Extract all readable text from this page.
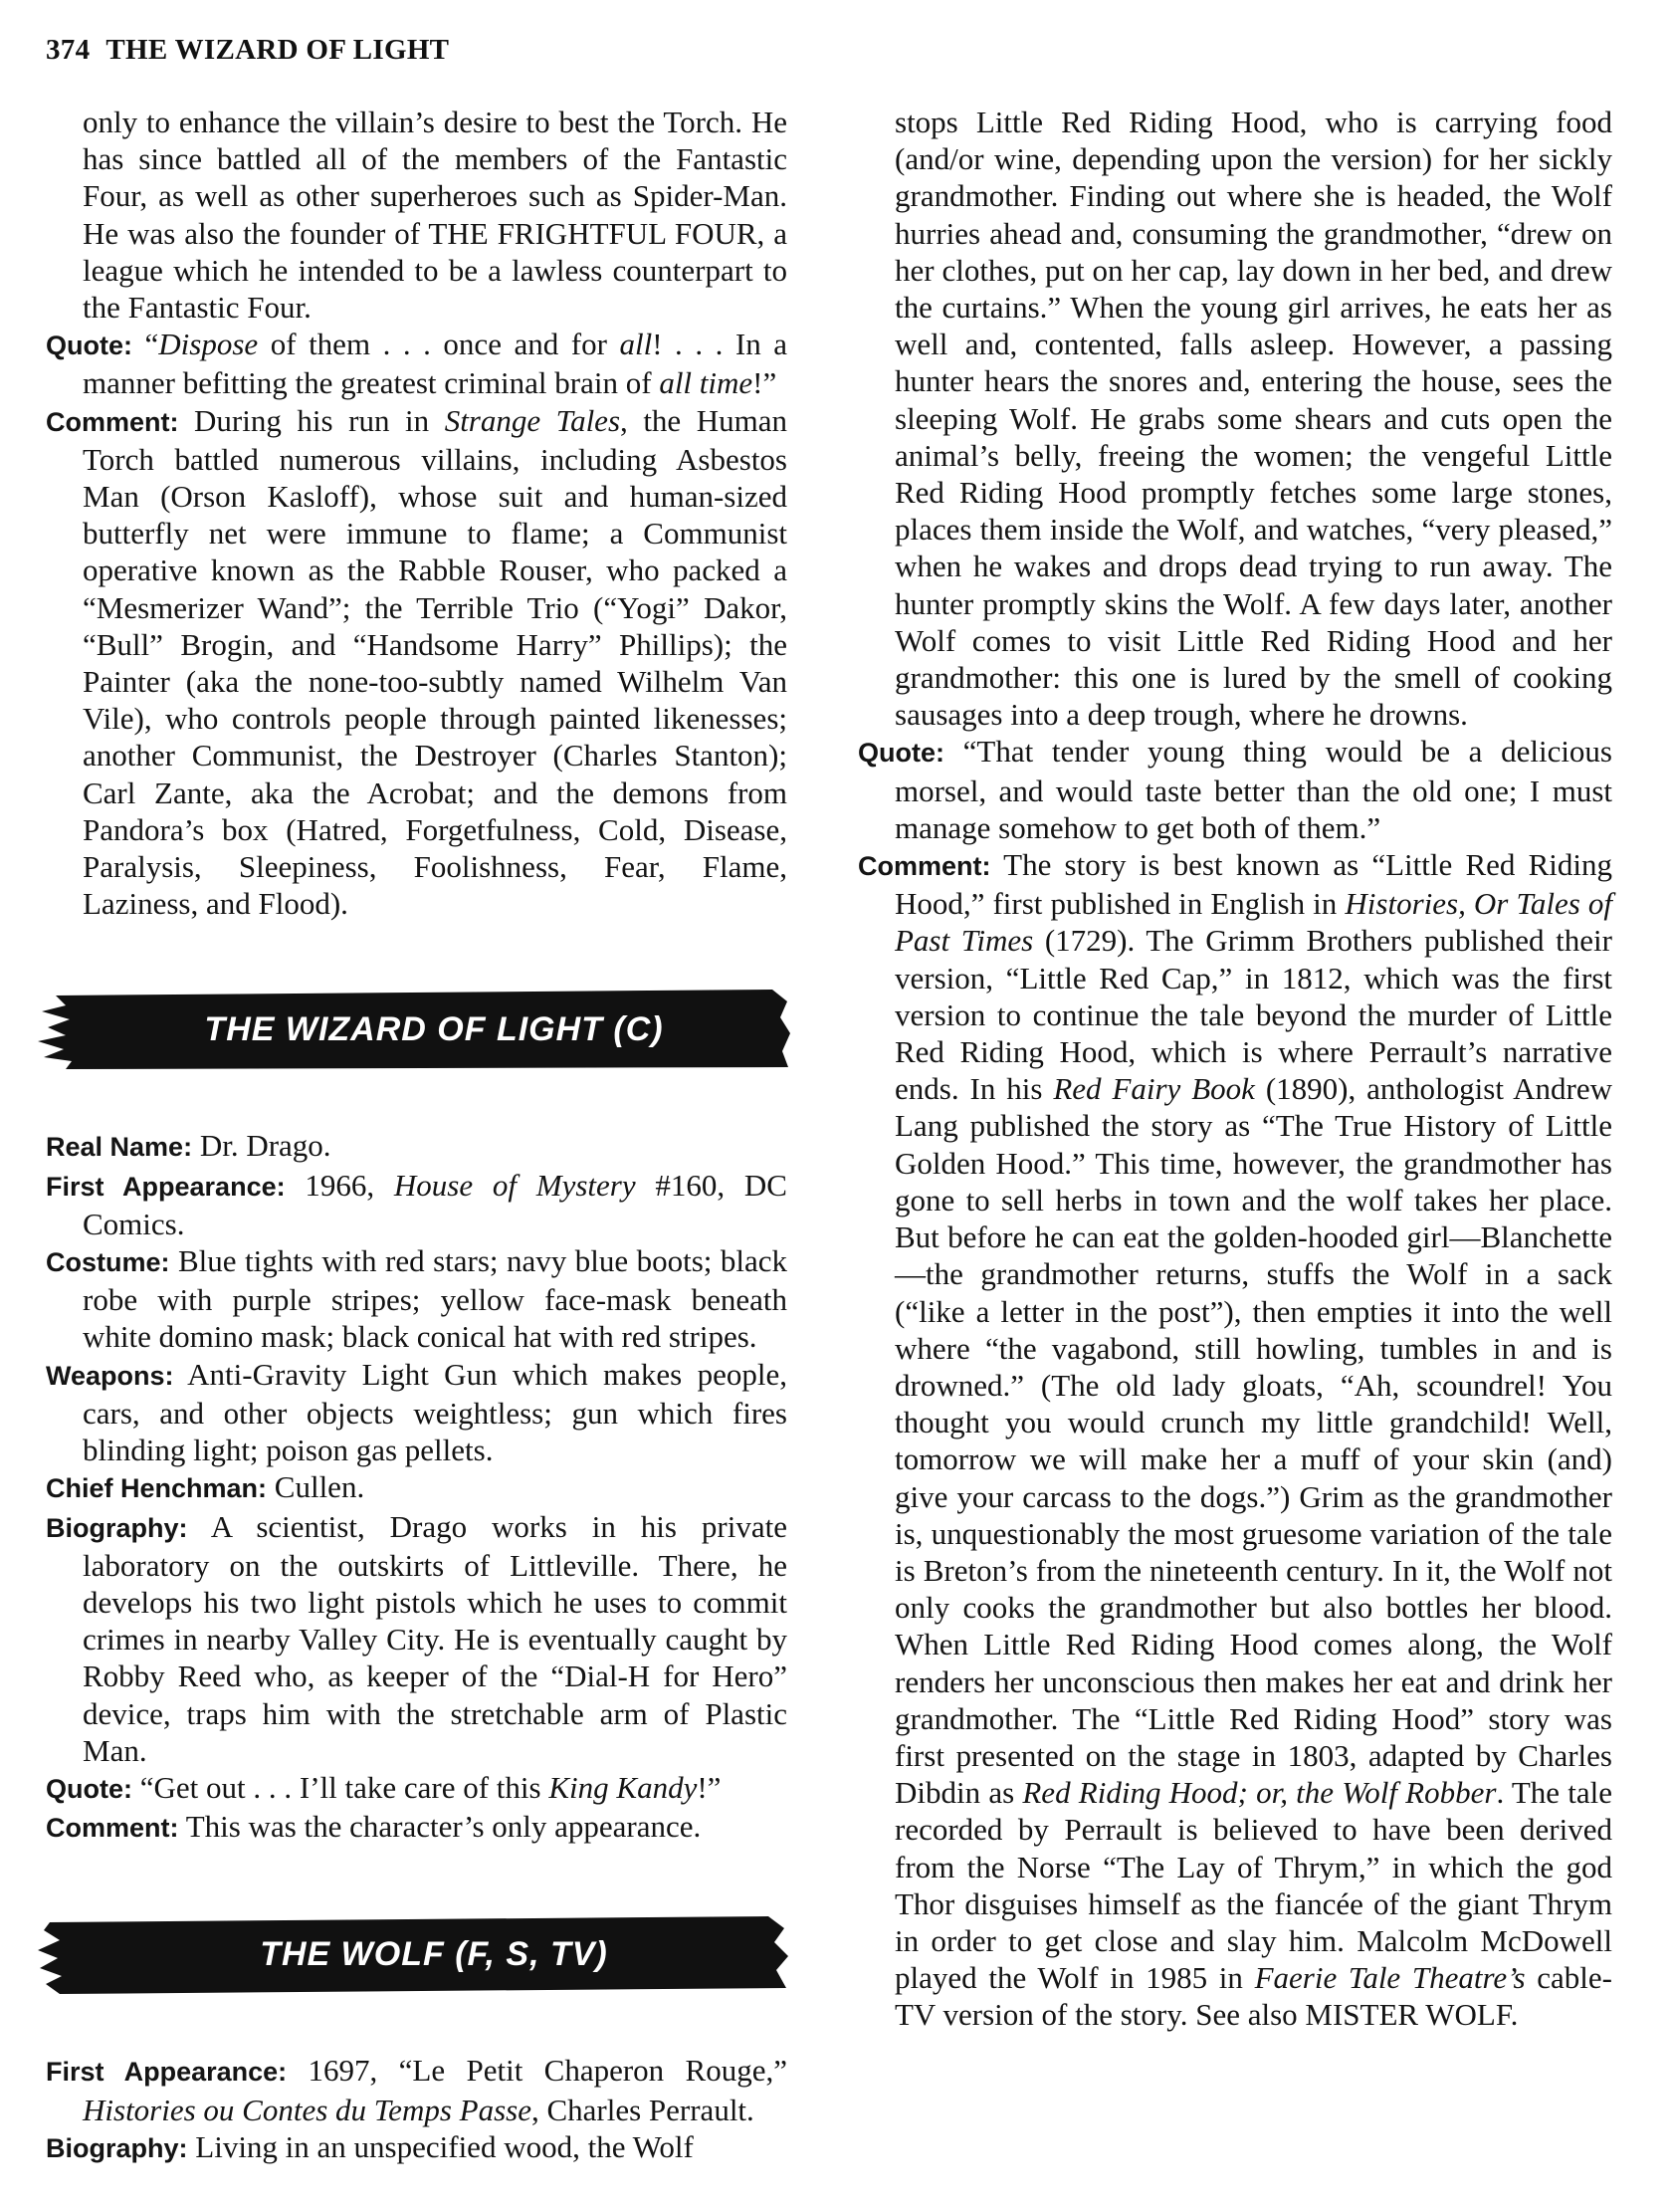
374 THE WIZARD OF LIGHT

only to enhance the villain’s desire to best the Torch. He has since battled all of the members of the Fantastic Four, as well as other superheroes such as Spider-Man. He was also the founder of THE FRIGHTFUL FOUR, a league which he intended to be a lawless counterpart to the Fantastic Four.

Quote: “Dispose of them . . . once and for all! . . . In a manner befitting the greatest criminal brain of all time!”

Comment: During his run in Strange Tales, the Human Torch battled numerous villains, including Asbestos Man (Orson Kasloff), whose suit and human-sized butterfly net were immune to flame; a Communist operative known as the Rabble Rouser, who packed a “Mesmerizer Wand”; the Terrible Trio (“Yogi” Dakor, “Bull” Brogin, and “Handsome Harry” Phillips); the Painter (aka the none-too-subtly named Wilhelm Van Vile), who controls people through painted likenesses; another Communist, the Destroyer (Charles Stanton); Carl Zante, aka the Acrobat; and the demons from Pandora’s box (Hatred, Forgetfulness, Cold, Disease, Paralysis, Sleepiness, Foolishness, Fear, Flame, Laziness, and Flood).

THE WIZARD OF LIGHT (C)

Real Name: Dr. Drago.

First Appearance: 1966, House of Mystery #160, DC Comics.

Costume: Blue tights with red stars; navy blue boots; black robe with purple stripes; yellow face-mask beneath white domino mask; black conical hat with red stripes.

Weapons: Anti-Gravity Light Gun which makes people, cars, and other objects weightless; gun which fires blinding light; poison gas pellets.

Chief Henchman: Cullen.

Biography: A scientist, Drago works in his private laboratory on the outskirts of Littleville. There, he develops his two light pistols which he uses to commit crimes in nearby Valley City. He is eventually caught by Robby Reed who, as keeper of the “Dial-H for Hero” device, traps him with the stretchable arm of Plastic Man.

Quote: “Get out . . . I’ll take care of this King Kandy!”

Comment: This was the character’s only appearance.

THE WOLF (F, S, TV)

First Appearance: 1697, “Le Petit Chaperon Rouge,” Histories ou Contes du Temps Passe, Charles Perrault.

Biography: Living in an unspecified wood, the Wolf

stops Little Red Riding Hood, who is carrying food (and/or wine, depending upon the version) for her sickly grandmother. Finding out where she is headed, the Wolf hurries ahead and, consuming the grandmother, “drew on her clothes, put on her cap, lay down in her bed, and drew the curtains.” When the young girl arrives, he eats her as well and, contented, falls asleep. However, a passing hunter hears the snores and, entering the house, sees the sleeping Wolf. He grabs some shears and cuts open the animal’s belly, freeing the women; the vengeful Little Red Riding Hood promptly fetches some large stones, places them inside the Wolf, and watches, “very pleased,” when he wakes and drops dead trying to run away. The hunter promptly skins the Wolf. A few days later, another Wolf comes to visit Little Red Riding Hood and her grandmother: this one is lured by the smell of cooking sausages into a deep trough, where he drowns.

Quote: “That tender young thing would be a delicious morsel, and would taste better than the old one; I must manage somehow to get both of them.”

Comment: The story is best known as “Little Red Riding Hood,” first published in English in Histories, Or Tales of Past Times (1729). The Grimm Brothers published their version, “Little Red Cap,” in 1812, which was the first version to continue the tale beyond the murder of Little Red Riding Hood, which is where Perrault’s narrative ends. In his Red Fairy Book (1890), anthologist Andrew Lang published the story as “The True History of Little Golden Hood.” This time, however, the grandmother has gone to sell herbs in town and the wolf takes her place. But before he can eat the golden-hooded girl—Blanchette—the grandmother returns, stuffs the Wolf in a sack (“like a letter in the post”), then empties it into the well where “the vagabond, still howling, tumbles in and is drowned.” (The old lady gloats, “Ah, scoundrel! You thought you would crunch my little grandchild! Well, tomorrow we will make her a muff of your skin (and) give your carcass to the dogs.”) Grim as the grandmother is, unquestionably the most gruesome variation of the tale is Breton’s from the nineteenth century. In it, the Wolf not only cooks the grandmother but also bottles her blood. When Little Red Riding Hood comes along, the Wolf renders her unconscious then makes her eat and drink her grandmother. The “Little Red Riding Hood” story was first presented on the stage in 1803, adapted by Charles Dibdin as Red Riding Hood; or, the Wolf Robber. The tale recorded by Perrault is believed to have been derived from the Norse “The Lay of Thrym,” in which the god Thor disguises himself as the fiancée of the giant Thrym in order to get close and slay him. Malcolm McDowell played the Wolf in 1985 in Faerie Tale Theatre’s cable-TV version of the story. See also MISTER WOLF.
